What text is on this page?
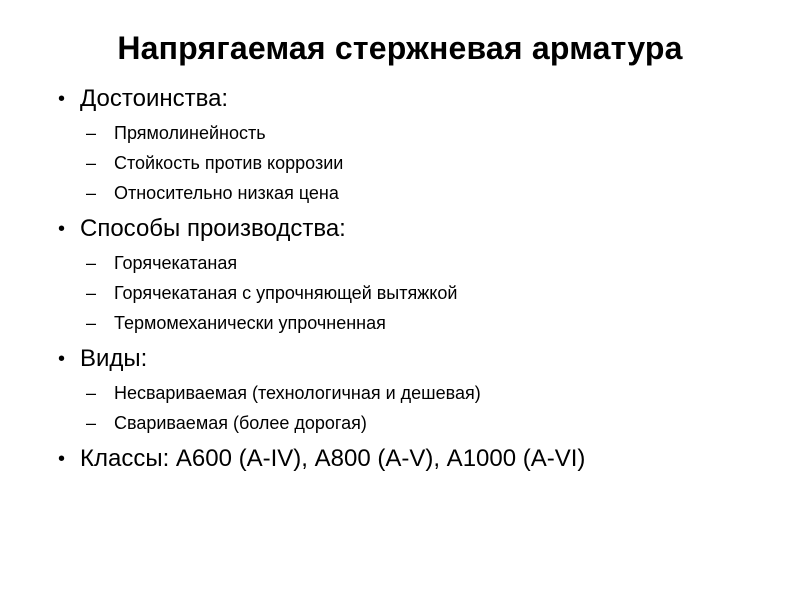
Напрягаемая стержневая арматура
• Достоинства:
– Прямолинейность
– Стойкость против коррозии
– Относительно низкая цена
• Способы производства:
– Горячекатаная
– Горячекатаная с упрочняющей вытяжкой
– Термомеханически упрочненная
• Виды:
– Несвариваемая (технологичная и дешевая)
– Свариваемая (более дорогая)
• Классы: А600 (А-IV), А800 (А-V), А1000 (А-VI)
